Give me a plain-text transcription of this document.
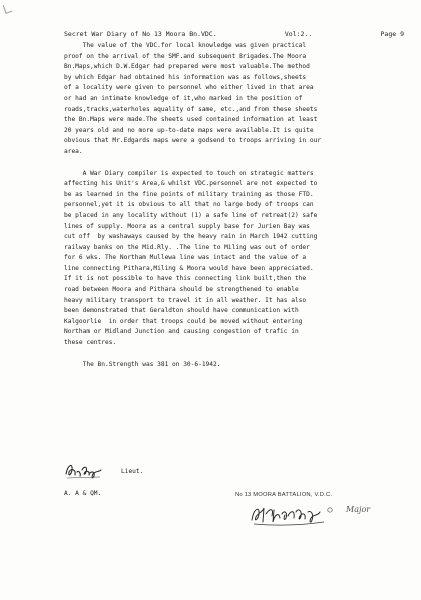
Secret War Diary of No 13 Moora Bn.VDC.	Vol:2..	Page 9
The value of the VDC.for local knowledge was given practical
proof on the arrival of the SMF.and subsequent Brigades.The Moora
Bn.Maps,which D.W.Edgar had prepared were most valuable.The method
by which Edgar had obtained his information was as follows,sheets
of a locality were given to personnel who either lived in that area
or had an intimate knowledge of it,who marked in the position of
roads,tracks,waterholes aquality of same, etc.,and from these sheets
the Bn.Maps were made.The sheets used contained information at least
20 years old and no more up-to-date maps were available.It is quite
obvious that Mr.Edgards maps were a godsend to troops arriving in our
area.
A War Diary compiler is expected to touch on strategic matters
affecting his Unit's Area,& whilst VDC.personnel are not expected to
be as learned in the fine points of military training as those FTD.
personnel,yet it is obvious to all that no large body of troops can
be placed in any locality without (1) a safe line of retreat(2) safe
lines of supply. Moora as a central supply base for Jurien Bay was
cut off  by washaways caused by the heavy rain in March 1942 cutting
railway banks on the Mid.Rly. .The line to Miling was out of order
for 6 wks. The Northam Mullewa line was intact and the value of a
line connecting Pithara,Miling & Moora would have been appreciated.
If it is not possible to have this connecting link built,then the
road between Moora and Pithara should be strengthened to enable
heavy military transport to travel it in all weather. It has also
been demonstrated that Geraldton should have communication with
Kalgoorlie  in order that troops could be moved without entering
Northam or Midland Junction and causing congestion of trafic in
these centres.
The Bn.Strength was 381 on 30-6-1942.
Lieut.
A. A & QM.	No 13 MOORA BATTALION, V.D.C.
Major
